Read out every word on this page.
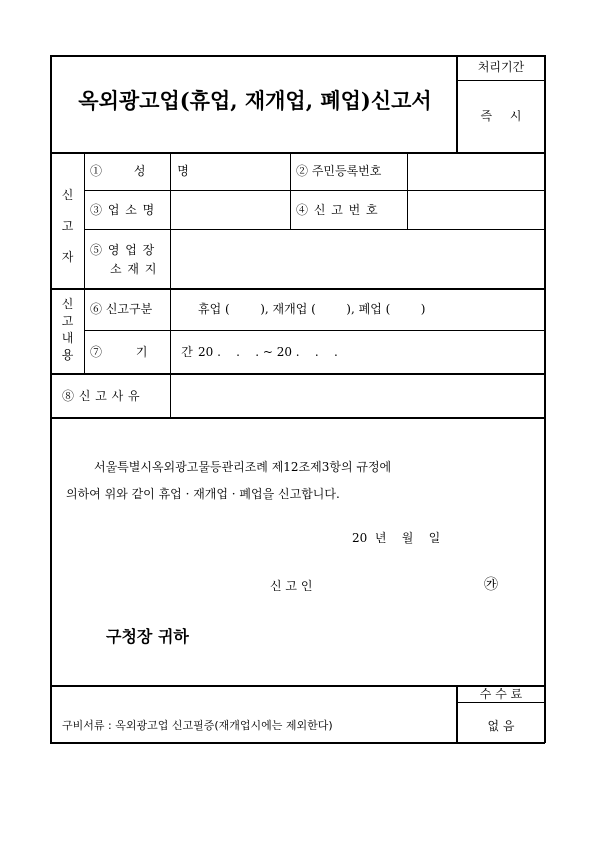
옥외광고업(휴업, 재개업, 폐업)신고서
처리기간
즉 시
신 고 자
① 성 명	② 주민등록번호
③ 업 소 명	④ 신 고 번 호
⑤ 영 업 장
소 재 지
신 고 내 용
⑥ 신고구분	휴업 (        ), 재개업 (        ), 폐업 (        )
⑦ 기 간 20 .    .    . ~ 20 .    .    .
⑧ 신 고 사 유
서울특별시옥외광고물등관리조례 제12조제3항의 규정에
의하여 위와 같이 휴업 · 재개업 · 폐업을 신고합니다.
20  년    월    일
신 고 인	㉮
구청장 귀하
구비서류 : 옥외광고업 신고필증(재개업시에는 제외한다)
수 수 료
없 음
